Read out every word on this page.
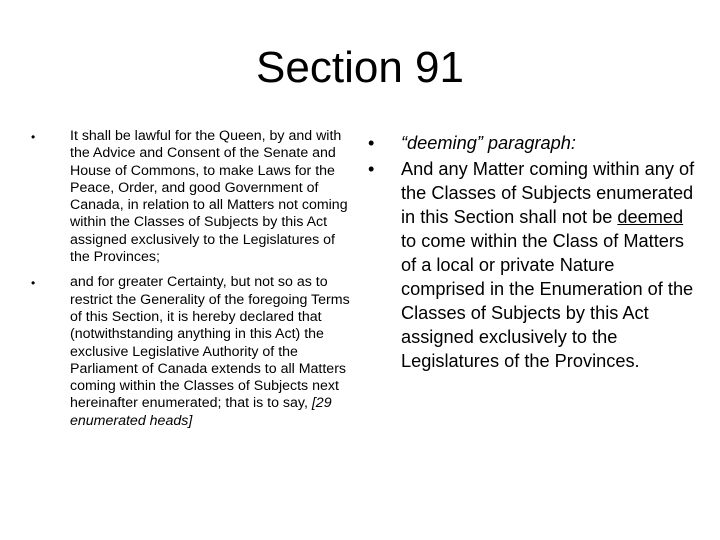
Section 91
• It shall be lawful for the Queen, by and with the Advice and Consent of the Senate and House of Commons, to make Laws for the Peace, Order, and good Government of Canada, in relation to all Matters not coming within the Classes of Subjects by this Act assigned exclusively to the Legislatures of the Provinces;
• and for greater Certainty, but not so as to restrict the Generality of the foregoing Terms of this Section, it is hereby declared that (notwithstanding anything in this Act) the exclusive Legislative Authority of the Parliament of Canada extends to all Matters coming within the Classes of Subjects next hereinafter enumerated; that is to say, [29 enumerated heads]
• “deeming” paragraph:
• And any Matter coming within any of the Classes of Subjects enumerated in this Section shall not be deemed to come within the Class of Matters of a local or private Nature comprised in the Enumeration of the Classes of Subjects by this Act assigned exclusively to the Legislatures of the Provinces.
